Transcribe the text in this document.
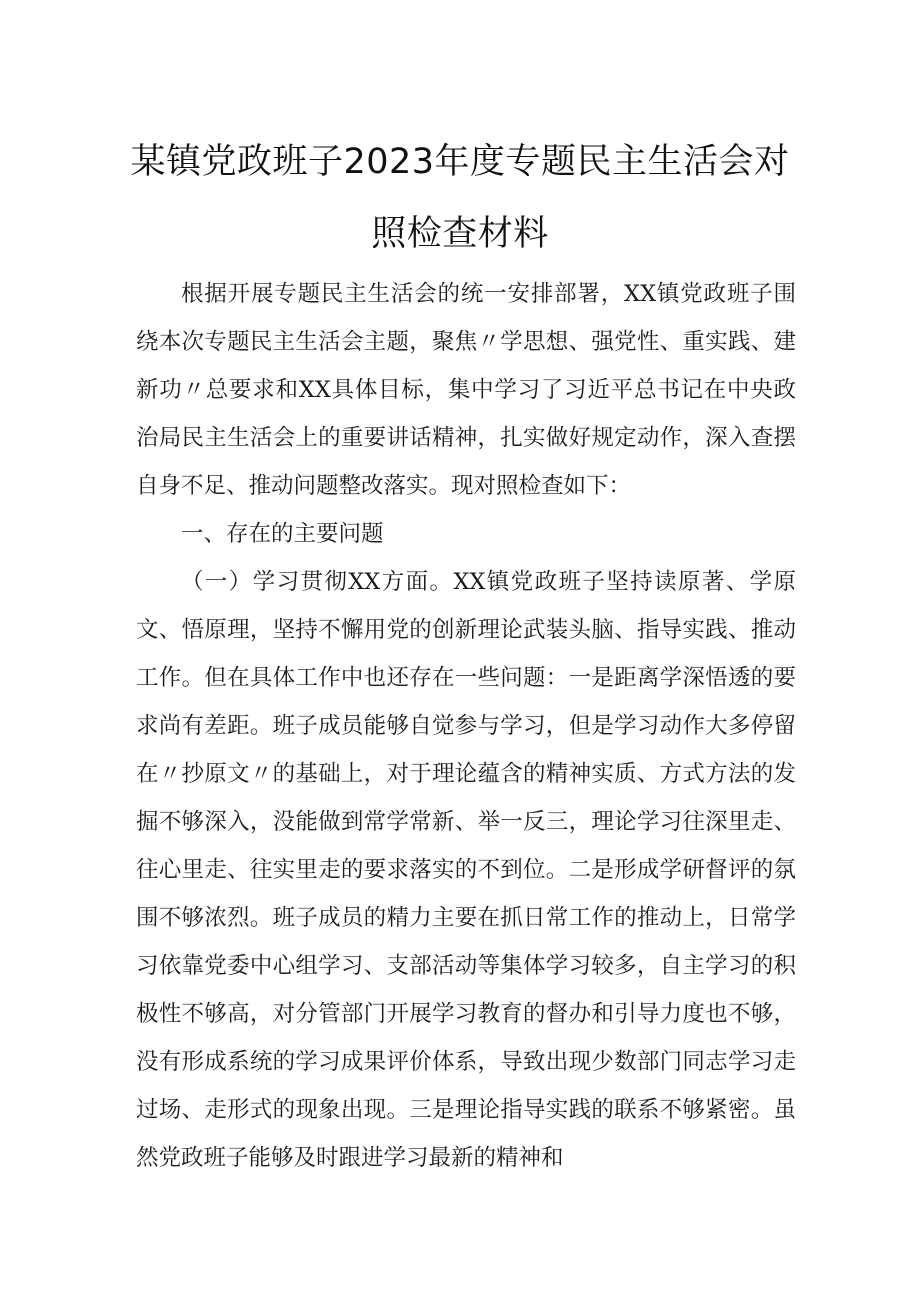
某镇党政班子2023年度专题民主生活会对
照检查材料

根据开展专题民主生活会的统一安排部署，XX镇党政班子围绕本次专题民主生活会主题，聚焦〃学思想、强党性、重实践、建新功〃总要求和XX具体目标，集中学习了习近平总书记在中央政治局民主生活会上的重要讲话精神，扎实做好规定动作，深入查摆自身不足、推动问题整改落实。现对照检查如下：

一、存在的主要问题

（一）学习贯彻XX方面。XX镇党政班子坚持读原著、学原文、悟原理，坚持不懈用党的创新理论武装头脑、指导实践、推动工作。但在具体工作中也还存在一些问题：一是距离学深悟透的要求尚有差距。班子成员能够自觉参与学习，但是学习动作大多停留在〃抄原文〃的基础上，对于理论蕴含的精神实质、方式方法的发掘不够深入，没能做到常学常新、举一反三，理论学习往深里走、往心里走、往实里走的要求落实的不到位。二是形成学研督评的氛围不够浓烈。班子成员的精力主要在抓日常工作的推动上，日常学习依靠党委中心组学习、支部活动等集体学习较多，自主学习的积极性不够高，对分管部门开展学习教育的督办和引导力度也不够，没有形成系统的学习成果评价体系，导致出现少数部门同志学习走过场、走形式的现象出现。三是理论指导实践的联系不够紧密。虽然党政班子能够及时跟进学习最新的精神和
